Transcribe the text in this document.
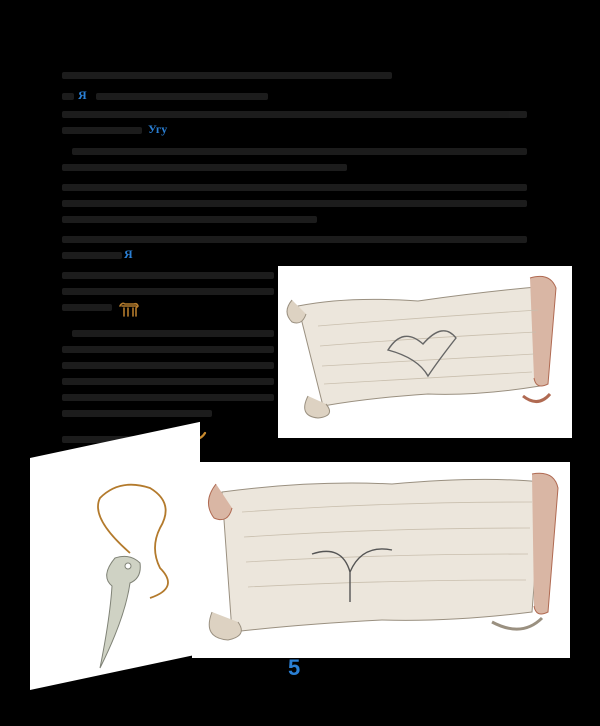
Я
Угу
Я
5
